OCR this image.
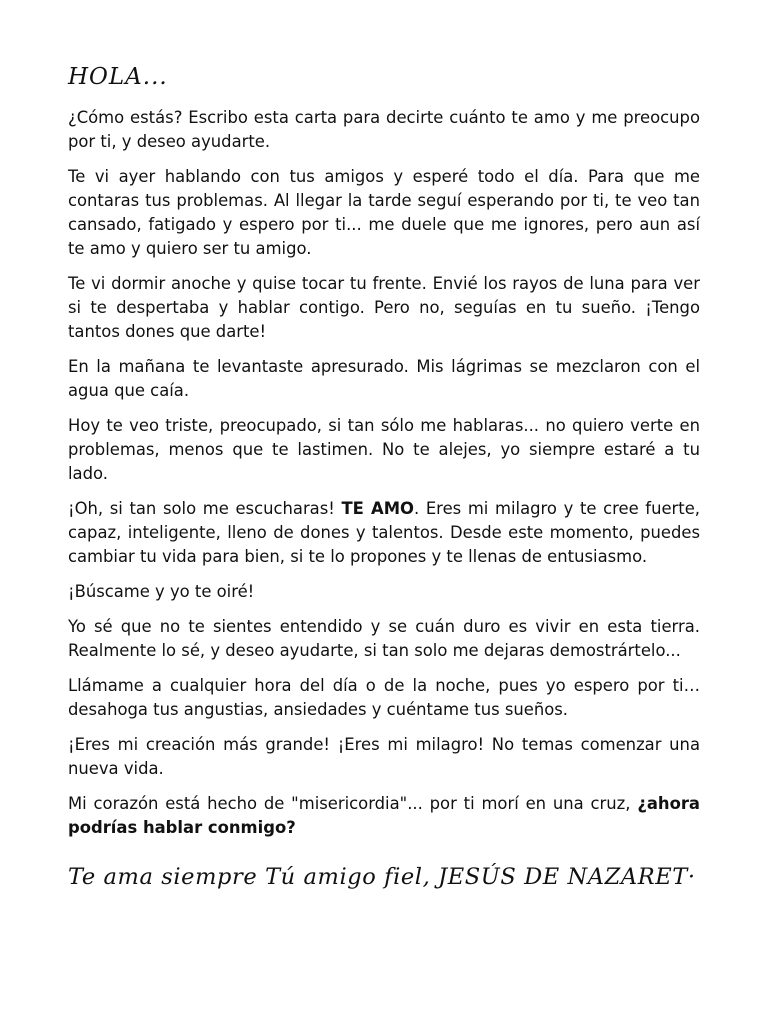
HOLA...

¿Cómo estás? Escribo esta carta para decirte cuánto te amo y me preocupo por ti, y deseo ayudarte.

Te vi ayer hablando con tus amigos y esperé todo el día. Para que me contaras tus problemas. Al llegar la tarde seguí esperando por ti, te veo tan cansado, fatigado y espero por ti... me duele que me ignores, pero aun así te amo y quiero ser tu amigo.

Te vi dormir anoche y quise tocar tu frente. Envié los rayos de luna para ver si te despertaba y hablar contigo. Pero no, seguías en tu sueño. ¡Tengo tantos dones que darte!

En la mañana te levantaste apresurado. Mis lágrimas se mezclaron con el agua que caía.

Hoy te veo triste, preocupado, si tan sólo me hablaras... no quiero verte en problemas, menos que te lastimen. No te alejes, yo siempre estaré a tu lado.

¡Oh, si tan solo me escucharas! TE AMO. Eres mi milagro y te cree fuerte, capaz, inteligente, lleno de dones y talentos. Desde este momento, puedes cambiar tu vida para bien, si te lo propones y te llenas de entusiasmo.

¡Búscame y yo te oiré!

Yo sé que no te sientes entendido y se cuán duro es vivir en esta tierra. Realmente lo sé, y deseo ayudarte, si tan solo me dejaras demostrártelo...

Llámame a cualquier hora del día o de la noche, pues yo espero por ti… desahoga tus angustias, ansiedades y cuéntame tus sueños.

¡Eres mi creación más grande! ¡Eres mi milagro! No temas comenzar una nueva vida.

Mi corazón está hecho de "misericordia"... por ti morí en una cruz, ¿ahora podrías hablar conmigo?

Te ama siempre Tú amigo fiel, JESÚS DE NAZARET·
